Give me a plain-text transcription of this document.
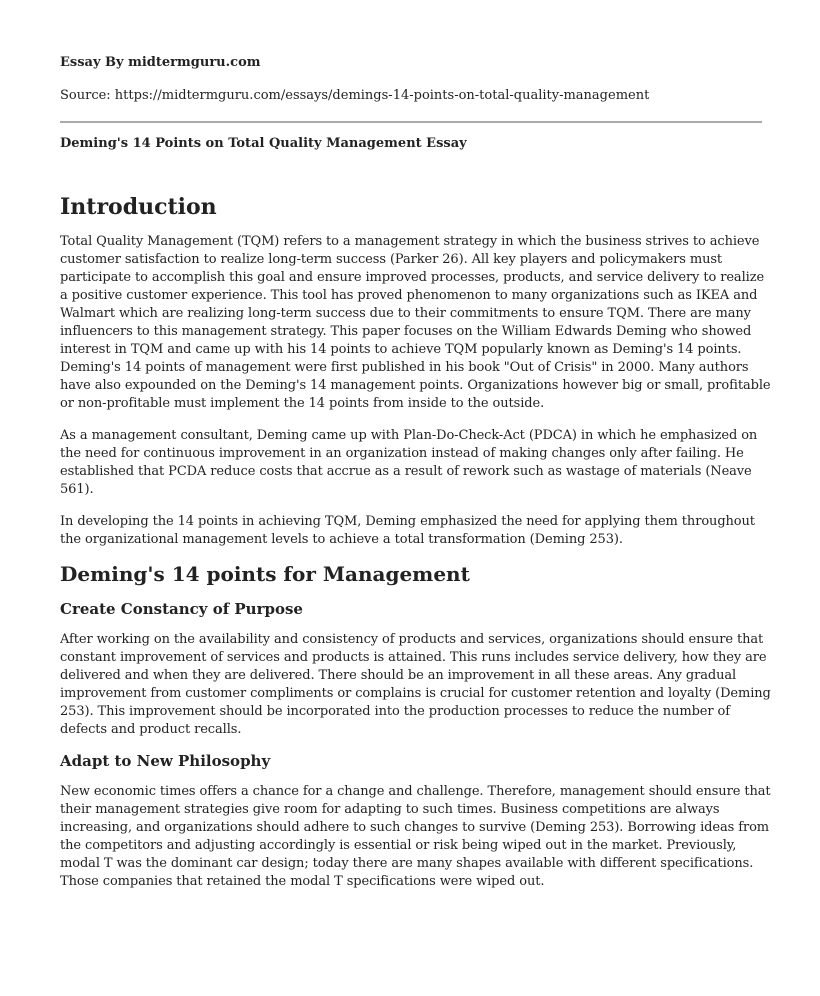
Essay By midtermguru.com

Source: https://midtermguru.com/essays/demings-14-points-on-total-quality-management

Deming's 14 Points on Total Quality Management Essay

Introduction

Total Quality Management (TQM) refers to a management strategy in which the business strives to achieve customer satisfaction to realize long-term success (Parker 26). All key players and policymakers must participate to accomplish this goal and ensure improved processes, products, and service delivery to realize a positive customer experience. This tool has proved phenomenon to many organizations such as IKEA and Walmart which are realizing long-term success due to their commitments to ensure TQM. There are many influencers to this management strategy. This paper focuses on the William Edwards Deming who showed interest in TQM and came up with his 14 points to achieve TQM popularly known as Deming's 14 points. Deming's 14 points of management were first published in his book "Out of Crisis" in 2000. Many authors have also expounded on the Deming's 14 management points. Organizations however big or small, profitable or non-profitable must implement the 14 points from inside to the outside.

As a management consultant, Deming came up with Plan-Do-Check-Act (PDCA) in which he emphasized on the need for continuous improvement in an organization instead of making changes only after failing. He established that PCDA reduce costs that accrue as a result of rework such as wastage of materials (Neave 561).

In developing the 14 points in achieving TQM, Deming emphasized the need for applying them throughout the organizational management levels to achieve a total transformation (Deming 253).

Deming's 14 points for Management
Create Constancy of Purpose

After working on the availability and consistency of products and services, organizations should ensure that constant improvement of services and products is attained. This runs includes service delivery, how they are delivered and when they are delivered. There should be an improvement in all these areas. Any gradual improvement from customer compliments or complains is crucial for customer retention and loyalty (Deming 253). This improvement should be incorporated into the production processes to reduce the number of defects and product recalls.

Adapt to New Philosophy

New economic times offers a chance for a change and challenge. Therefore, management should ensure that their management strategies give room for adapting to such times. Business competitions are always increasing, and organizations should adhere to such changes to survive (Deming 253). Borrowing ideas from the competitors and adjusting accordingly is essential or risk being wiped out in the market. Previously, modal T was the dominant car design; today there are many shapes available with different specifications. Those companies that retained the modal T specifications were wiped out.
